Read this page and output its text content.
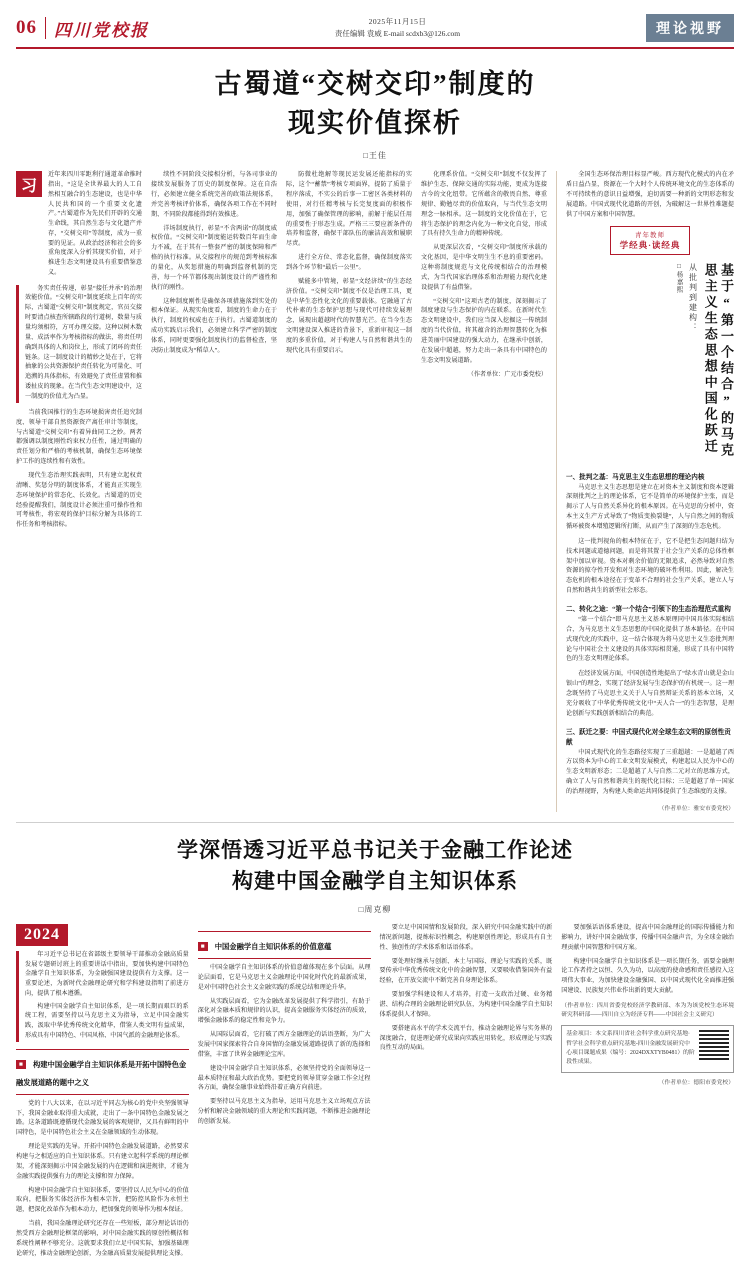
06	四川党校报	2025年11月15日
责任编辑 袁威 E-mail scdxb3@126.com	理论视野
古蜀道“交树交印”制度的
现实价值探析
□王佳
习
近年来四川零距利行通道革命推时指出，“这是全世界最大的人工自然相互融合的生态建设，也是中华人民共和国的一个重要文化遗产。”古蜀道作为先民们开辟的交通生命线，其自然生态与文化遗产并存，“交树交印”等制度，成为一重要的见证。从政治经济和社会的多重角度深入分析其现实价值，对于推进生态文明建设具有重要借鉴意义。

务实责任传递，彰显“接任并承”的治理效能价值。“交树交印”制度延续上百年的实际，古蜀道“交树交印”制度规定，官员交接时要清点核查所辖路段的行道树，数量与质量均须相符，方可办理交接。这种以树木数量、成活率作为考核指标的做法，将责任明确到具体的人和岗位上，形成了闭环的责任链条。这一制度设计的精妙之处在于，它将抽象的公共资源保护责任转化为可量化、可追溯的具体指标，有效避免了责任虚置和推诿扯皮的现象。在当代生态文明建设中，这一制度的价值尤为凸显。

当前我国推行的生态环境损害责任追究制度、领导干部自然资源资产离任审计等制度，与古蜀道“交树交印”有着异曲同工之妙。两者都强调以制度刚性约束权力任性，通过明确的责任划分和严格的考核机制，确保生态环境保护工作的连续性和有效性。

现代生态治理实践表明，只有建立起权责清晰、奖惩分明的制度体系，才能真正实现生态环境保护的常态化、长效化。古蜀道的历史经验提醒我们，制度设计必须注重可操作性和可考核性，将宏观的保护目标分解为具体的工作任务和考核指标。

续性不同阶段交接相分析，与各司事业的接续发展服务了历史的制度保障。这在自浩行，必须建立健全系统完善的政策法规体系，并完善考核评价体系，确保各项工作在不同时期、不同阶段都能得到有效推进。

洋场制度执行，彰显“不含两诺”的制度威权价值。“交树交印”制度能运转数百年而生命力不减，在于其有一整套严密的制度保障和严格的执行标准。从交接程序的规范到考核标准的量化，从奖惩措施的明确到监督机制的完善，每一个环节都体现出制度设计的严谨性和执行的刚性。

这种制度刚性是确保各项措施落到实处的根本保证。从现实角度看，制度的生命力在于执行，制度的权威也在于执行。古蜀道制度的成功实践启示我们，必须建立科学严密的制度体系，同时更要强化制度执行的监督检查，坚决防止制度成为“稻草人”。

防微杜绝解等现民运发展还能指标的实际，这个“蓄禁”考核专项面界，提防了质量于程序落成，不实公的后事一工密区各类材料的使用，对行任精考核与长完复度面的积极作用，加强了确保管理的影响，前解于能层任用的重要性于形态生成。严格三三要应新条件的培养和监督，确保干部队伍的廉洁高效和履职尽责。

进行全方位、常态化监督，确保制度落实到各个环节和“最后一公里”。

赋能多中管境，彰显“文经济续”的生态经济价值。“交树交印”制度不仅是治理工具，更是中华生态性化文化的重要载体。它融通了古代朴素的生态保护思想与现代可持续发展理念，展现出超越时代的智慧光芒。在当今生态文明建设深入推进的背景下，重新审视这一制度的多重价值，对于构建人与自然和谐共生的现代化具有重要启示。

化理系价值。“交树交印”制度不仅发挥了维护生态、保障交通的实际功能，更成为连接古今的文化纽带。它所蕴含的敬畏自然、尊重规律、勤勉尽责的价值取向，与当代生态文明理念一脉相承。这一制度的文化价值在于，它将生态保护的理念内化为一种文化自觉，形成了具有持久生命力的精神传统。

从更深层次看，“交树交印”制度所承载的文化基因，是中华文明生生不息的重要密码。这种将制度规范与文化传统相结合的治理模式，为当代国家治理体系和治理能力现代化建设提供了有益借鉴。

“交树交印”这项古老的制度，深刻揭示了制度建设与生态保护的内在联系。在新时代生态文明建设中，我们应当深入挖掘这一传统制度的当代价值，将其蕴含的治理智慧转化为推进美丽中国建设的强大动力，在继承中创新，在发展中超越，努力走出一条具有中国特色的生态文明发展道路。

（作者单位：广元市委党校）

全国生态环保治理目标显严峻。西方现代化模式的内在矛盾日益凸显，资源在一个大时个人传统环境文化的生态体系的不可持续性的意识日益增强，迫切需要一种新的文明形态和发展道路。中国式现代化道路的开创，为破解这一世界性难题提供了中国方案和中国智慧。

青年教师
学经典·读经典
□杨嘉熙 从批判到建构：	基于“第一个结合”的马克思主义生态思想中国化跃迁
一、批判之基：马克思主义生态思想的理论内核

马克思主义生态思想是建立在对资本主义制度和资本逻辑深刻批判之上的理论体系，它不是简单的环境保护主张，而是揭示了人与自然关系异化的根本原因。在马克思的分析中，资本主义生产方式导致了“物质变换裂缝”，人与自然之间的物质循环被资本增殖逻辑所打断，从而产生了深刻的生态危机。

这一批判视角的根本特征在于，它不是把生态问题归结为技术问题或道德问题，而是将其置于社会生产关系的总体性框架中加以审视。资本对剩余价值的无限追求，必然导致对自然资源的掠夺性开发和对生态环境的破坏性利用。因此，解决生态危机的根本途径在于变革不合理的社会生产关系，建立人与自然和谐共生的新型社会形态。

二、转化之途：“第一个结合”引领下的生态治理范式重构

“第一个结合”即马克思主义基本原理同中国具体实际相结合，为马克思主义生态思想的中国化提供了基本路径。在中国式现代化的实践中，这一结合体现为将马克思主义生态批判理论与中国社会主义建设的具体实际相贯通，形成了具有中国特色的生态文明理论体系。

在经济发展方面，中国创造性地提出了“绿水青山就是金山银山”的理念，实现了经济发展与生态保护的有机统一。这一理念既坚持了马克思主义关于人与自然辩证关系的基本立场，又充分吸收了中华优秀传统文化中“天人合一”的生态智慧，是理论创新与实践创新相结合的典范。

三、跃迁之要：中国式现代化对全球生态文明的原创性贡献

中国式现代化的生态路径实现了三重超越：一是超越了西方以资本为中心的工业文明发展模式，构建起以人民为中心的生态文明新形态；二是超越了人与自然二元对立的思维方式，确立了人与自然和谐共生的现代化目标；三是超越了单一国家的治理视野，为构建人类命运共同体提供了生态维度的支撑。

（作者单位：雅安市委党校）
学深悟透习近平总书记关于金融工作论述
构建中国金融学自主知识体系
□周克柳
2024

年习近平总书记在省部级主要领导干部推动金融高质量发展专题研讨班上的重要讲话中指出，要加快构建中国特色金融学自主知识体系，为金融强国建设提供有力支撑。这一重要论述，为新时代金融理论研究和学科建设指明了前进方向，提供了根本遵循。

构建中国金融学自主知识体系，是一项长期而艰巨的系统工程，需要坚持以马克思主义为指导，立足中国金融实践，汲取中华优秀传统文化精华，借鉴人类文明有益成果，形成具有中国特色、中国风格、中国气派的金融理论体系。

■ 构建中国金融学自主知识体系是开拓中国特色金融发展道路的题中之义

党的十八大以来，在以习近平同志为核心的党中央坚强领导下，我国金融业取得重大成就，走出了一条中国特色金融发展之路。这条道路既遵循现代金融发展的客观规律，又具有鲜明的中国特色，是中国特色社会主义在金融领域的生动体现。

理论是实践的先导。开拓中国特色金融发展道路，必然要求构建与之相适应的自主知识体系。只有建立起科学系统的理论框架，才能深刻揭示中国金融发展的内在逻辑和演进规律，才能为金融实践提供强有力的理论支撑和智力保障。

构建中国金融学自主知识体系，要坚持以人民为中心的价值取向，把服务实体经济作为根本宗旨，把防控风险作为永恒主题，把深化改革作为根本动力，把加强党的领导作为根本保证。

当前，我国金融理论研究还存在一些短板，部分理论话语仍然受西方金融理论框架的影响，对中国金融实践的原创性概括和系统性阐释不够充分。这就要求我们立足中国实际，加强基础理论研究，推动金融理论创新，为金融高质量发展提供理论支撑。

■ 中国金融学自主知识体系的价值意蕴

中国金融学自主知识体系的价值意蕴体现在多个层面。从理论层面看，它是马克思主义金融理论中国化时代化的最新成果，是对中国特色社会主义金融实践的系统总结和理论升华。

从实践层面看，它为金融改革发展提供了科学指引，有助于深化对金融本质和规律的认识，提高金融服务实体经济的质效，增强金融体系的稳定性和竞争力。

从国际层面看，它打破了西方金融理论的话语垄断，为广大发展中国家探索符合自身国情的金融发展道路提供了新的选择和借鉴，丰富了世界金融理论宝库。

建设中国金融学自主知识体系，必须坚持党的全面领导这一最本质特征和最大政治优势。要把党的领导贯穿金融工作全过程各方面，确保金融事业始终沿着正确方向前进。

要坚持以马克思主义为指导，运用马克思主义立场观点方法分析和解决金融领域的重大理论和实践问题，不断推进金融理论的创新发展。

要立足中国国情和发展阶段，深入研究中国金融实践中的新情况新问题，提炼标识性概念，构建原创性理论，形成具有自主性、独创性的学术体系和话语体系。

要处理好继承与创新、本土与国际、理论与实践的关系，既要传承中华优秀传统文化中的金融智慧，又要吸收借鉴国外有益经验，在开放交流中不断完善自身理论体系。

要加强学科建设和人才培养，打造一支政治过硬、业务精湛、结构合理的金融理论研究队伍，为构建中国金融学自主知识体系提供人才保障。

要搭建高水平的学术交流平台，推动金融理论界与实务界的深度融合，促进理论研究成果向实践应用转化，形成理论与实践良性互动的局面。

要加强话语体系建设，提高中国金融理论的国际传播能力和影响力，讲好中国金融故事，传播中国金融声音，为全球金融治理贡献中国智慧和中国方案。

构建中国金融学自主知识体系是一项长期任务，需要金融理论工作者持之以恒、久久为功，以高度的使命感和责任感投入这项伟大事业，为加快建设金融强国、以中国式现代化全面推进强国建设、民族复兴伟业作出新的更大贡献。

（作者单位：四川省委党校经济学教研部、本为为该党校生态环境研究科研部——四川自立为经济专科——中国社会主义研究）
基金项目：本文系四川省社会科学重点研究基地·哲学社会科学重点研究基地-四川金融发展研究中心项目课题成果（编号：2024DXXTYB0481）的阶段性成果。
（作者单位：德阳市委党校）
